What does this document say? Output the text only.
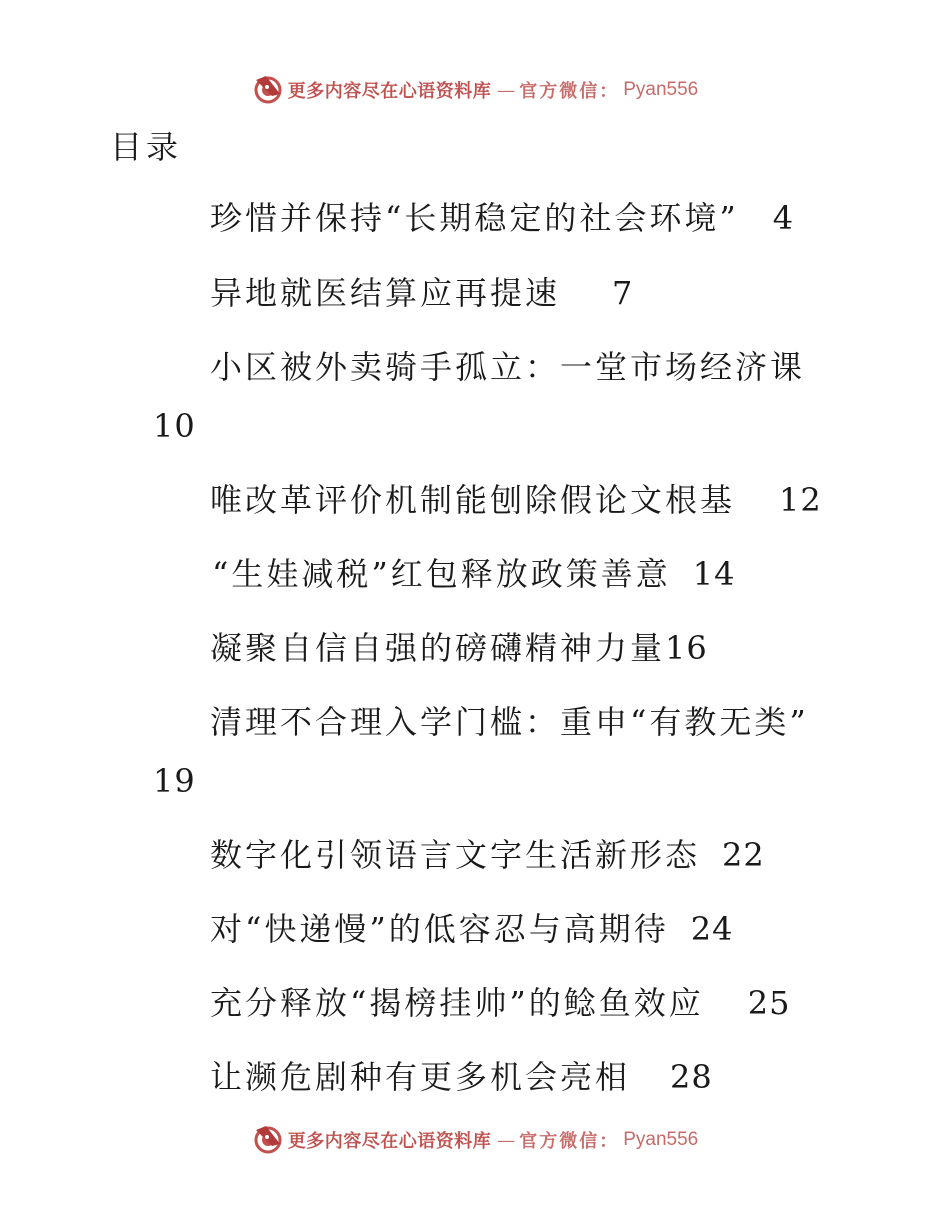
更多内容尽在心语资料库 — 官方微信： Pyan556
目录

珍惜并保持“长期稳定的社会环境” 4

异地就医结算应再提速 7

小区被外卖骑手孤立：一堂市场经济课

10

唯改革评价机制能刨除假论文根基 12

“生娃减税”红包释放政策善意 14

凝聚自信自强的磅礴精神力量16

清理不合理入学门槛：重申“有教无类”

19

数字化引领语言文字生活新形态 22

对“快递慢”的低容忍与高期待 24

充分释放“揭榜挂帅”的鲶鱼效应 25

让濒危剧种有更多机会亮相 28

更多内容尽在心语资料库 — 官方微信： Pyan556
